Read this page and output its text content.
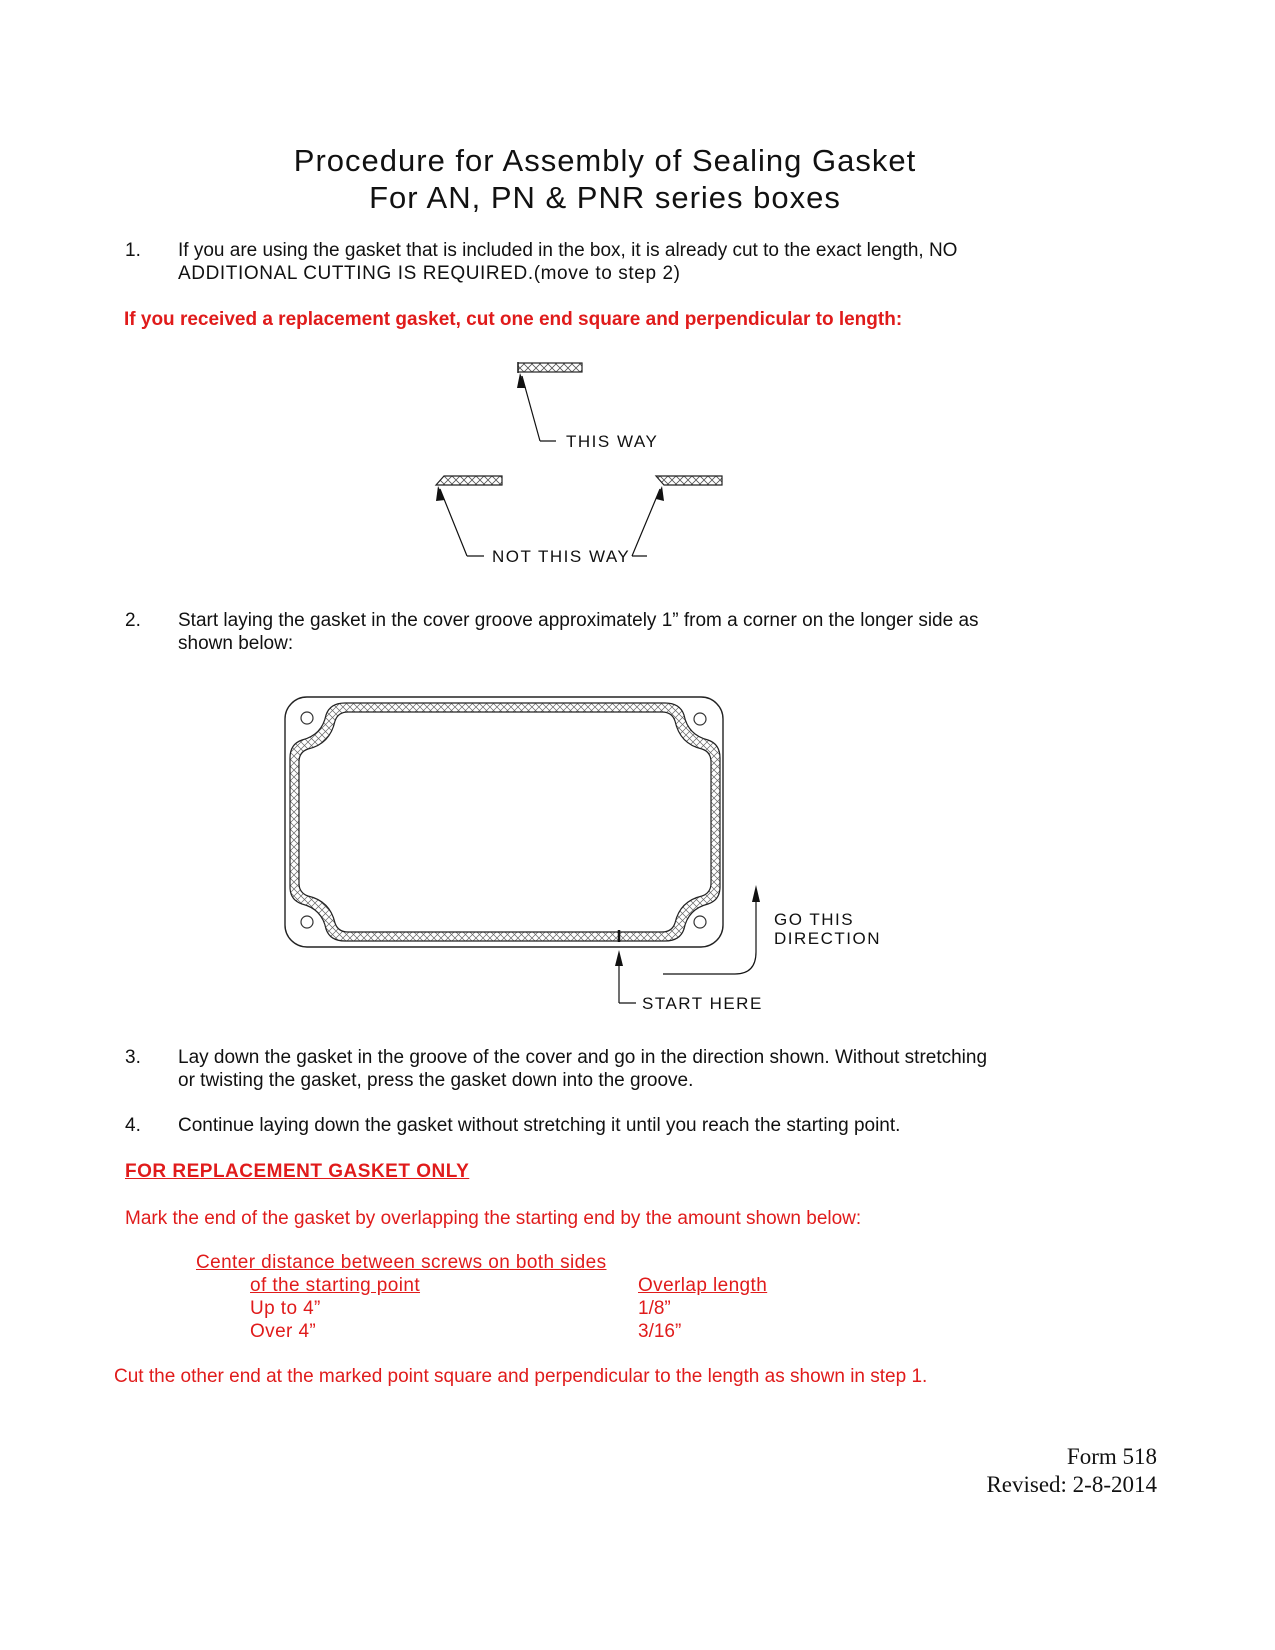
Procedure for Assembly of Sealing Gasket
For AN, PN & PNR series boxes
1. If you are using the gasket that is included in the box, it is already cut to the exact length, NO
ADDITIONAL CUTTING IS REQUIRED.(move to step 2)
If you received a replacement gasket, cut one end square and perpendicular to length:
THIS WAY
NOT THIS WAY
2. Start laying the gasket in the cover groove approximately 1” from a corner on the longer side as
shown below:
GO THIS
DIRECTION
START HERE
3. Lay down the gasket in the groove of the cover and go in the direction shown. Without stretching
or twisting the gasket, press the gasket down into the groove.
4. Continue laying down the gasket without stretching it until you reach the starting point.
FOR REPLACEMENT GASKET ONLY
Mark the end of the gasket by overlapping the starting end by the amount shown below:
Center distance between screws on both sides
of the starting point	Overlap length
Up to 4”	1/8”
Over 4”	3/16”
Cut the other end at the marked point square and perpendicular to the length as shown in step 1.
Form 518
Revised: 2-8-2014
